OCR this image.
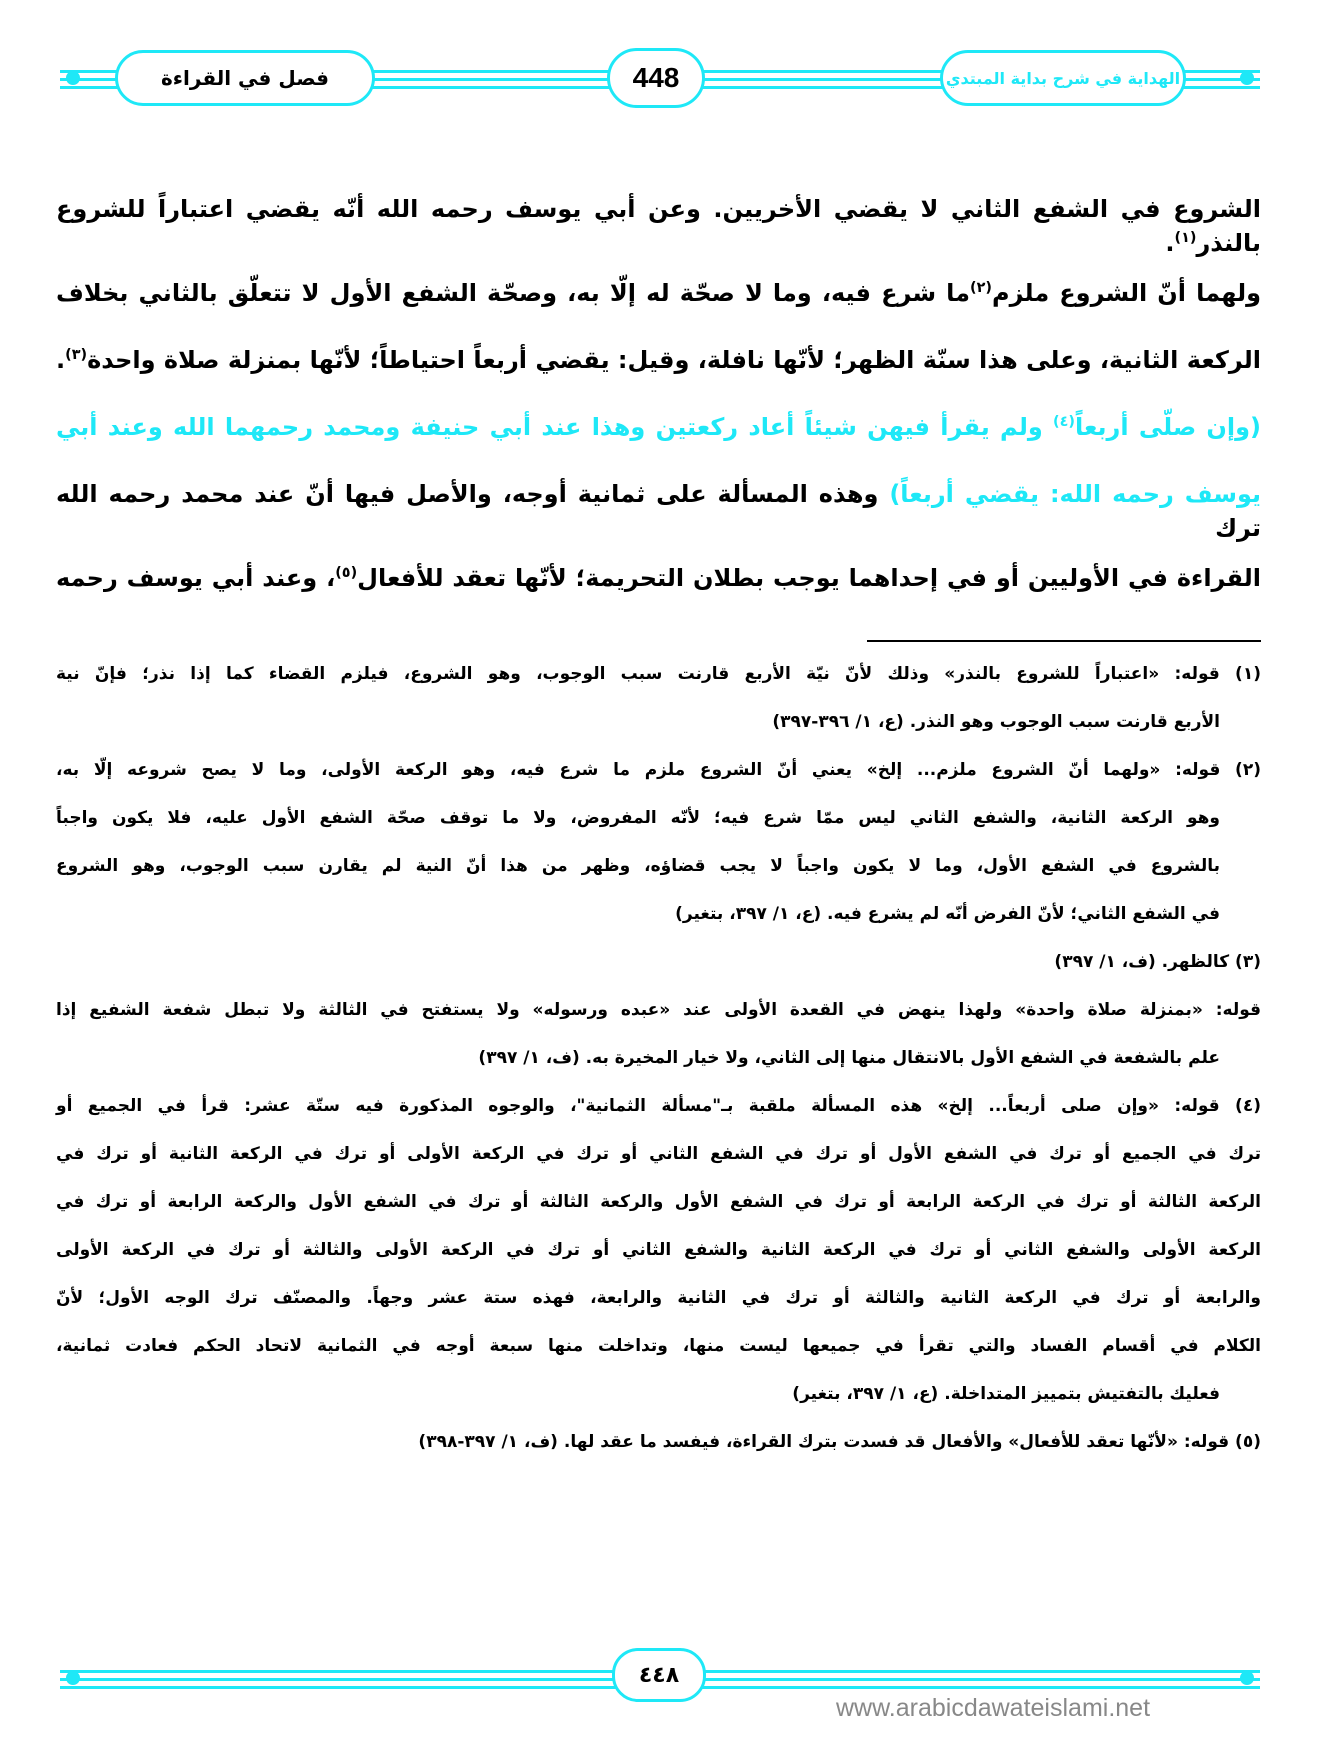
فصل في القراءة	448	الهداية في شرح بداية المبتدي
الشروع في الشفع الثاني لا يقضي الأخريين. وعن أبي يوسف رحمه الله أنّه يقضي اعتباراً للشروع بالنذر$^{(١)}$.
ولهما أنّ الشروع ملزم$^{(٢)}$ما شرع فيه، وما لا صحّة له إلّا به، وصحّة الشفع الأول لا تتعلّق بالثاني بخلاف
الركعة الثانية، وعلى هذا سنّة الظهر؛ لأنّها نافلة، وقيل: يقضي أربعاً احتياطاً؛ لأنّها بمنزلة صلاة واحدة$^{(٣)}$.
(وإن صلّى أربعاً$^{(٤)}$ ولم يقرأ فيهن شيئاً أعاد ركعتين وهذا عند أبي حنيفة ومحمد رحمهما الله وعند أبي
يوسف رحمه الله: يقضي أربعاً) وهذه المسألة على ثمانية أوجه، والأصل فيها أنّ عند محمد رحمه الله ترك
القراءة في الأوليين أو في إحداهما يوجب بطلان التحريمة؛ لأنّها تعقد للأفعال$^{(٥)}$، وعند أبي يوسف رحمه
(١) قوله: «اعتباراً للشروع بالنذر» وذلك لأنّ نيّة الأربع قارنت سبب الوجوب، وهو الشروع، فيلزم القضاء كما إذا نذر؛ فإنّ نية
الأربع قارنت سبب الوجوب وهو النذر. (ع، ١/ ٣٩٦-٣٩٧)
(٢) قوله: «ولهما أنّ الشروع ملزم... إلخ» يعني أنّ الشروع ملزم ما شرع فيه، وهو الركعة الأولى، وما لا يصح شروعه إلّا به،
وهو الركعة الثانية، والشفع الثاني ليس ممّا شرع فيه؛ لأنّه المفروض، ولا ما توقف صحّة الشفع الأول عليه، فلا يكون واجباً
بالشروع في الشفع الأول، وما لا يكون واجباً لا يجب قضاؤه، وظهر من هذا أنّ النية لم يقارن سبب الوجوب، وهو الشروع
في الشفع الثاني؛ لأنّ الفرض أنّه لم يشرع فيه. (ع، ١/ ٣٩٧، بتغير)
(٣) كالظهر. (ف، ١/ ٣٩٧)
قوله: «بمنزلة صلاة واحدة» ولهذا ينهض في القعدة الأولى عند «عبده ورسوله» ولا يستفتح في الثالثة ولا تبطل شفعة الشفيع إذا
علم بالشفعة في الشفع الأول بالانتقال منها إلى الثاني، ولا خيار المخيرة به. (ف، ١/ ٣٩٧)
(٤) قوله: «وإن صلى أربعاً... إلخ» هذه المسألة ملقبة بـ"مسألة الثمانية"، والوجوه المذكورة فيه ستّة عشر: قرأ في الجميع أو
ترك في الجميع أو ترك في الشفع الأول أو ترك في الشفع الثاني أو ترك في الركعة الأولى أو ترك في الركعة الثانية أو ترك في
الركعة الثالثة أو ترك في الركعة الرابعة أو ترك في الشفع الأول والركعة الثالثة أو ترك في الشفع الأول والركعة الرابعة أو ترك في
الركعة الأولى والشفع الثاني أو ترك في الركعة الثانية والشفع الثاني أو ترك في الركعة الأولى والثالثة أو ترك في الركعة الأولى
والرابعة أو ترك في الركعة الثانية والثالثة أو ترك في الثانية والرابعة، فهذه ستة عشر وجهاً. والمصنّف ترك الوجه الأول؛ لأنّ
الكلام في أقسام الفساد والتي تقرأ في جميعها ليست منها، وتداخلت منها سبعة أوجه في الثمانية لاتحاد الحكم فعادت ثمانية،
فعليك بالتفتيش بتمييز المتداخلة. (ع، ١/ ٣٩٧، بتغير)
(٥) قوله: «لأنّها تعقد للأفعال» والأفعال قد فسدت بترك القراءة، فيفسد ما عقد لها. (ف، ١/ ٣٩٧-٣٩٨)
٤٤٨
www.arabicdawateislami.net
